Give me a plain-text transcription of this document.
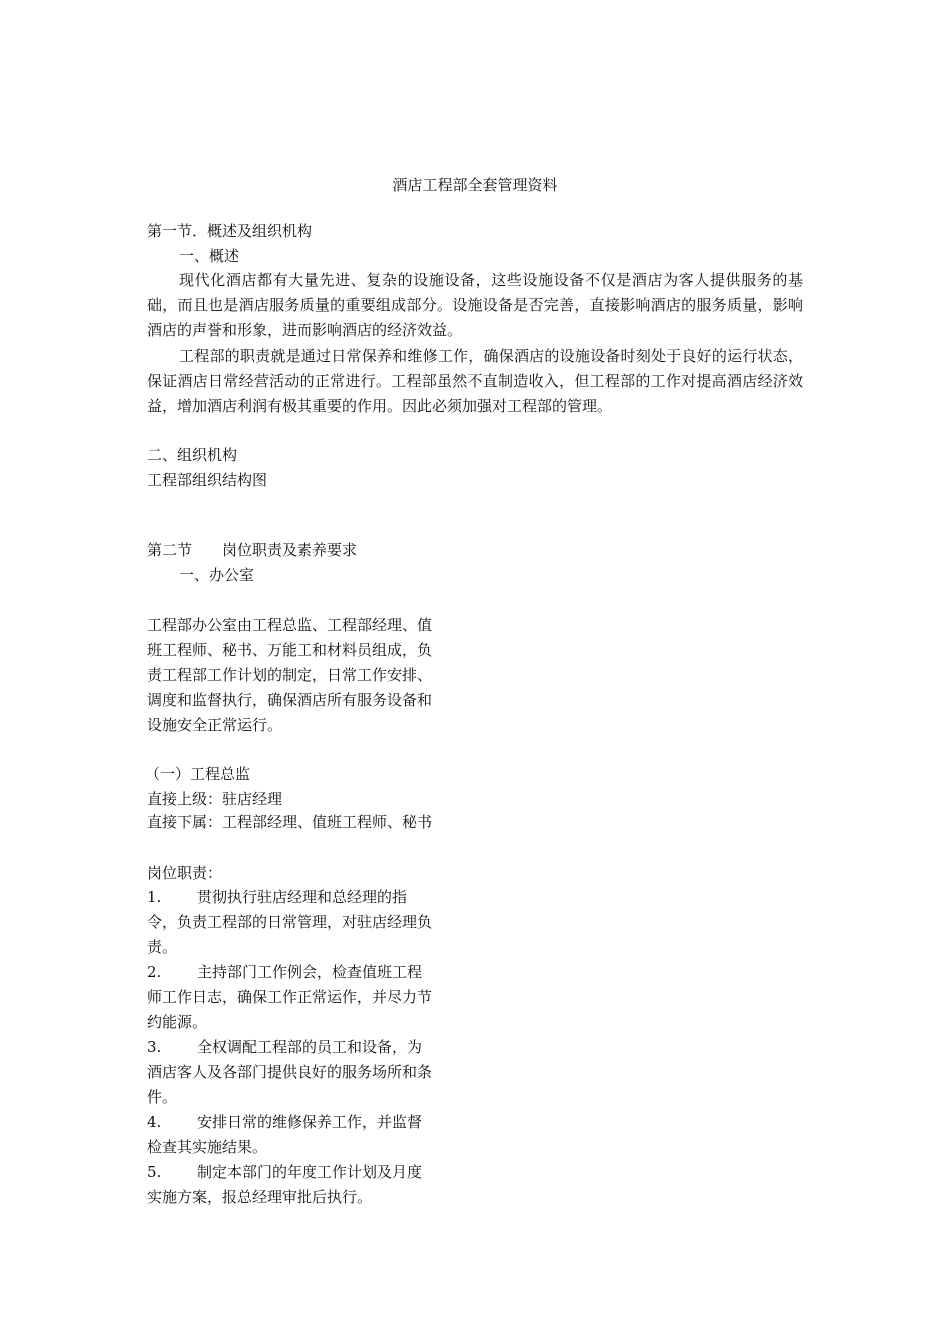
酒店工程部全套管理资料
第一节．概述及组织机构
一、概述

现代化酒店都有大量先进、复杂的设施设备，这些设施设备不仅是酒店为客人提供服务的基础，而且也是酒店服务质量的重要组成部分。设施设备是否完善，直接影响酒店的服务质量，影响酒店的声誉和形象，进而影响酒店的经济效益。

工程部的职责就是通过日常保养和维修工作，确保酒店的设施设备时刻处于良好的运行状态，保证酒店日常经营活动的正常进行。工程部虽然不直制造收入，但工程部的工作对提高酒店经济效益，增加酒店利润有极其重要的作用。因此必须加强对工程部的管理。

二、组织机构
工程部组织结构图
第二节　　岗位职责及素养要求
一、办公室

工程部办公室由工程总监、工程部经理、值班工程师、秘书、万能工和材料员组成，负责工程部工作计划的制定，日常工作安排、调度和监督执行，确保酒店所有服务设备和设施安全正常运行。

（一）工程总监
直接上级：驻店经理

直接下属：工程部经理、值班工程师、秘书

岗位职责：

1. 贯彻执行驻店经理和总经理的指令，负责工程部的日常管理，对驻店经理负责。

2. 主持部门工作例会，检查值班工程师工作日志，确保工作正常运作，并尽力节约能源。

3. 全权调配工程部的员工和设备，为酒店客人及各部门提供良好的服务场所和条件。

4. 安排日常的维修保养工作，并监督检查其实施结果。

5. 制定本部门的年度工作计划及月度实施方案，报总经理审批后执行。
